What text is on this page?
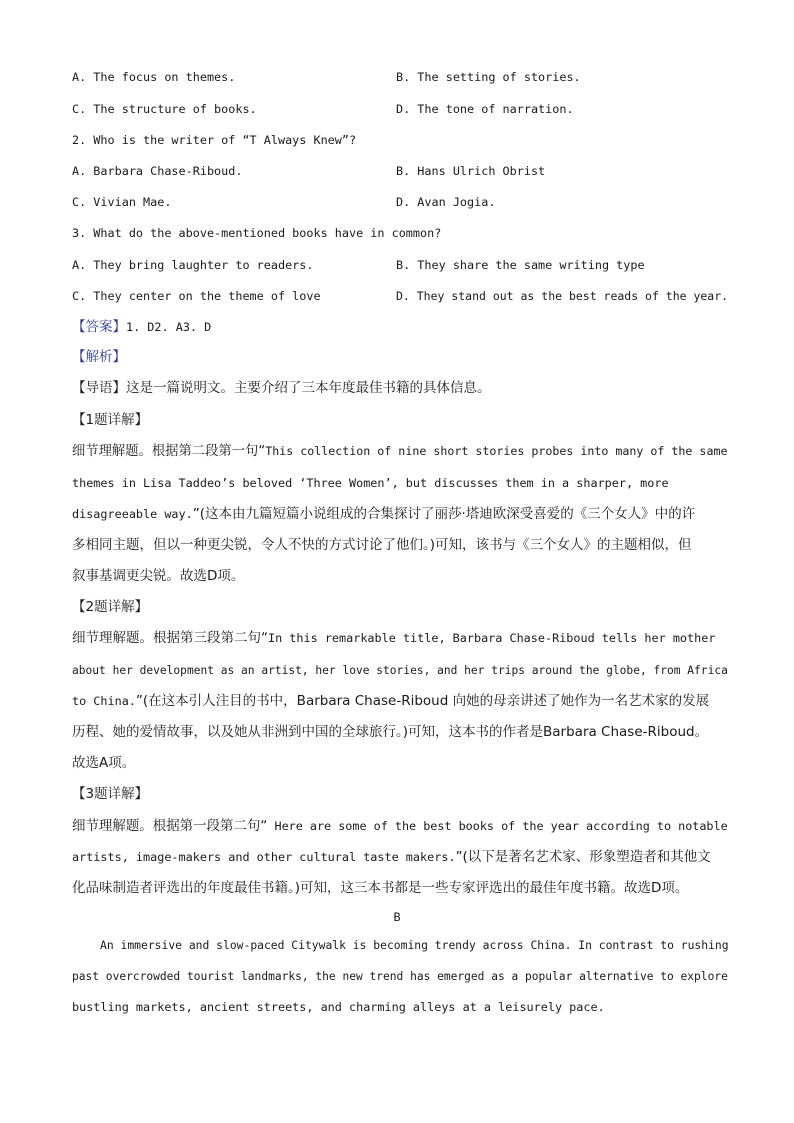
A. The focus on themes.	B. The setting of stories.
C. The structure of books.	D. The tone of narration.
2. Who is the writer of “T Always Knew”?
A. Barbara Chase-Riboud.	B. Hans Ulrich Obrist
C. Vivian Mae.	D. Avan Jogia.
3. What do the above-mentioned books have in common?
A. They bring laughter to readers.	B. They share the same writing type
C. They center on the theme of love	D. They stand out as the best reads of the year.
【答案】1. D2. A3. D
【解析】
【导语】这是一篇说明文。主要介绍了三本年度最佳书籍的具体信息。
【1题详解】
细节理解题。根据第二段第一句“This collection of nine short stories probes into many of the same
themes in Lisa Taddeo’s beloved ‘Three Women’, but discusses them in a sharper, more
disagreeable way.”(这本由九篇短篇小说组成的合集探讨了丽莎·塔迪欧深受喜爱的《三个女人》中的许
多相同主题，但以一种更尖锐，令人不快的方式讨论了他们。)可知，该书与《三个女人》的主题相似，但
叙事基调更尖锐。故选D项。
【2题详解】
细节理解题。根据第三段第二句“In this remarkable title, Barbara Chase-Riboud tells her mother
about her development as an artist, her love stories, and her trips around the globe, from Africa
to China.”(在这本引人注目的书中，Barbara Chase-Riboud 向她的母亲讲述了她作为一名艺术家的发展
历程、她的爱情故事，以及她从非洲到中国的全球旅行。)可知，这本书的作者是Barbara Chase-Riboud。
故选A项。
【3题详解】
细节理解题。根据第一段第二句“ Here are some of the best books of the year according to notable
artists, image-makers and other cultural taste makers.”(以下是著名艺术家、形象塑造者和其他文
化品味制造者评选出的年度最佳书籍。)可知，这三本书都是一些专家评选出的最佳年度书籍。故选D项。
B
An immersive and slow-paced Citywalk is becoming trendy across China. In contrast to rushing
past overcrowded tourist landmarks, the new trend has emerged as a popular alternative to explore
bustling markets, ancient streets, and charming alleys at a leisurely pace.
